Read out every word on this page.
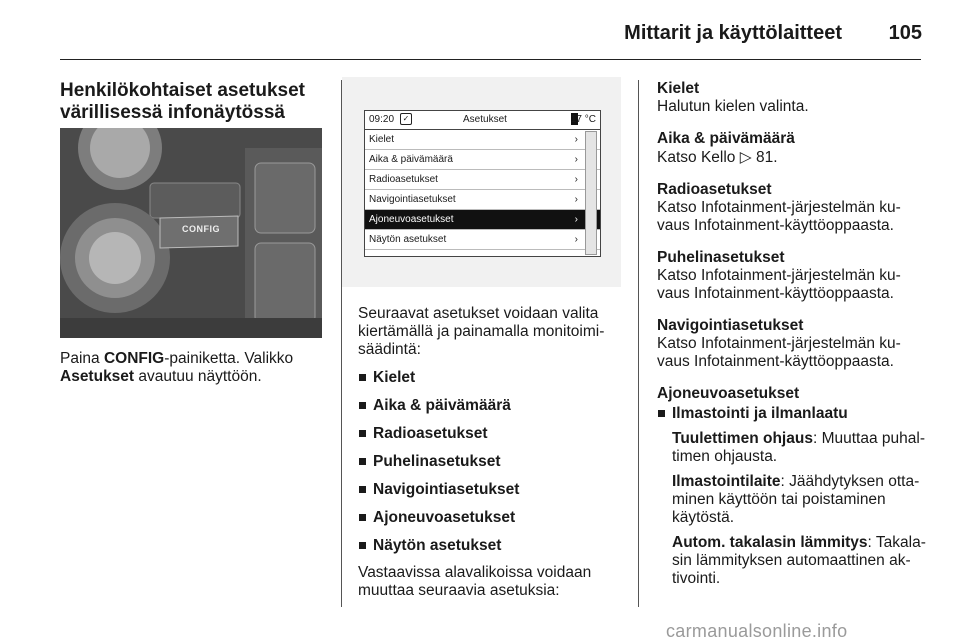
Mittarit ja käyttölaitteet 105
Henkilökohtaiset asetukset värillisessä infonäytössä
CONFIG

Paina CONFIG-painiketta. Valikko
Asetukset avautuu näyttöön.

09:20	✓	Asetukset	17 °C
Kielet	›
Aika & päivämäärä	›
Radioasetukset	›
Navigointiasetukset	›
Ajoneuvoasetukset	›
Näytön asetukset	›

Seuraavat asetukset voidaan valita kiertämällä ja painamalla monitoimisäädintä:

Kielet
Aika & päivämäärä
Radioasetukset
Puhelinasetukset
Navigointiasetukset
Ajoneuvoasetukset
Näytön asetukset

Vastaavissa alavalikoissa voidaan muuttaa seuraavia asetuksia:

Kielet

Halutun kielen valinta.

Aika & päivämäärä

Katso Kello ▷ 81.

Radioasetukset

Katso Infotainment-järjestelmän kuvaus Infotainment-käyttöoppaasta.

Puhelinasetukset

Katso Infotainment-järjestelmän kuvaus Infotainment-käyttöoppaasta.

Navigointiasetukset

Katso Infotainment-järjestelmän kuvaus Infotainment-käyttöoppaasta.

Ajoneuvoasetukset
Ilmastointi ja ilmanlaatu

Tuulettimen ohjaus: Muuttaa puhaltimen ohjausta.

Ilmastointilaite: Jäähdytyksen ottaminen käyttöön tai poistaminen käytöstä.

Autom. takalasin lämmitys: Takalasin lämmityksen automaattinen aktivointi.

carmanualsonline.info
